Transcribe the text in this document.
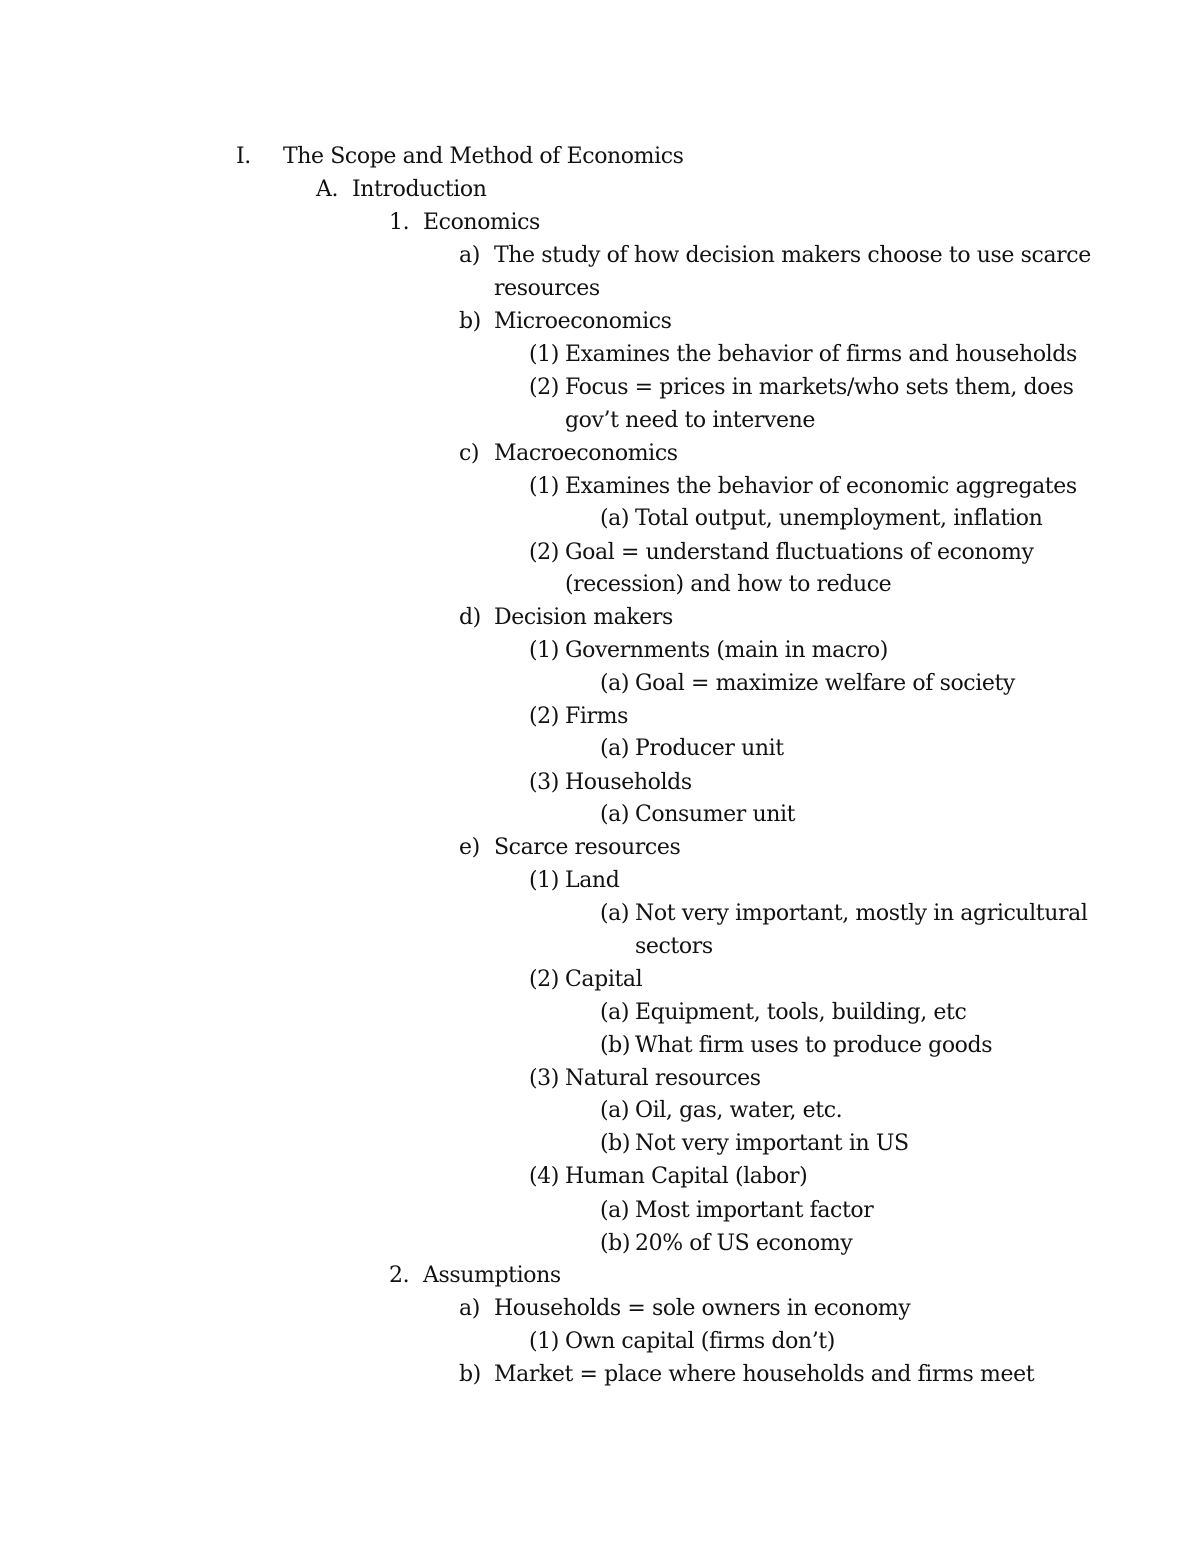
I. The Scope and Method of Economics
A. Introduction
1. Economics
a) The study of how decision makers choose to use scarce
resources
b) Microeconomics
(1) Examines the behavior of firms and households
(2) Focus = prices in markets/who sets them, does
gov’t need to intervene
c) Macroeconomics
(1) Examines the behavior of economic aggregates
(a) Total output, unemployment, inflation
(2) Goal = understand fluctuations of economy
(recession) and how to reduce
d) Decision makers
(1) Governments (main in macro)
(a) Goal = maximize welfare of society
(2) Firms
(a) Producer unit
(3) Households
(a) Consumer unit
e) Scarce resources
(1) Land
(a) Not very important, mostly in agricultural
sectors
(2) Capital
(a) Equipment, tools, building, etc
(b) What firm uses to produce goods
(3) Natural resources
(a) Oil, gas, water, etc.
(b) Not very important in US
(4) Human Capital (labor)
(a) Most important factor
(b) 20% of US economy
2. Assumptions
a) Households = sole owners in economy
(1) Own capital (firms don’t)
b) Market = place where households and firms meet
